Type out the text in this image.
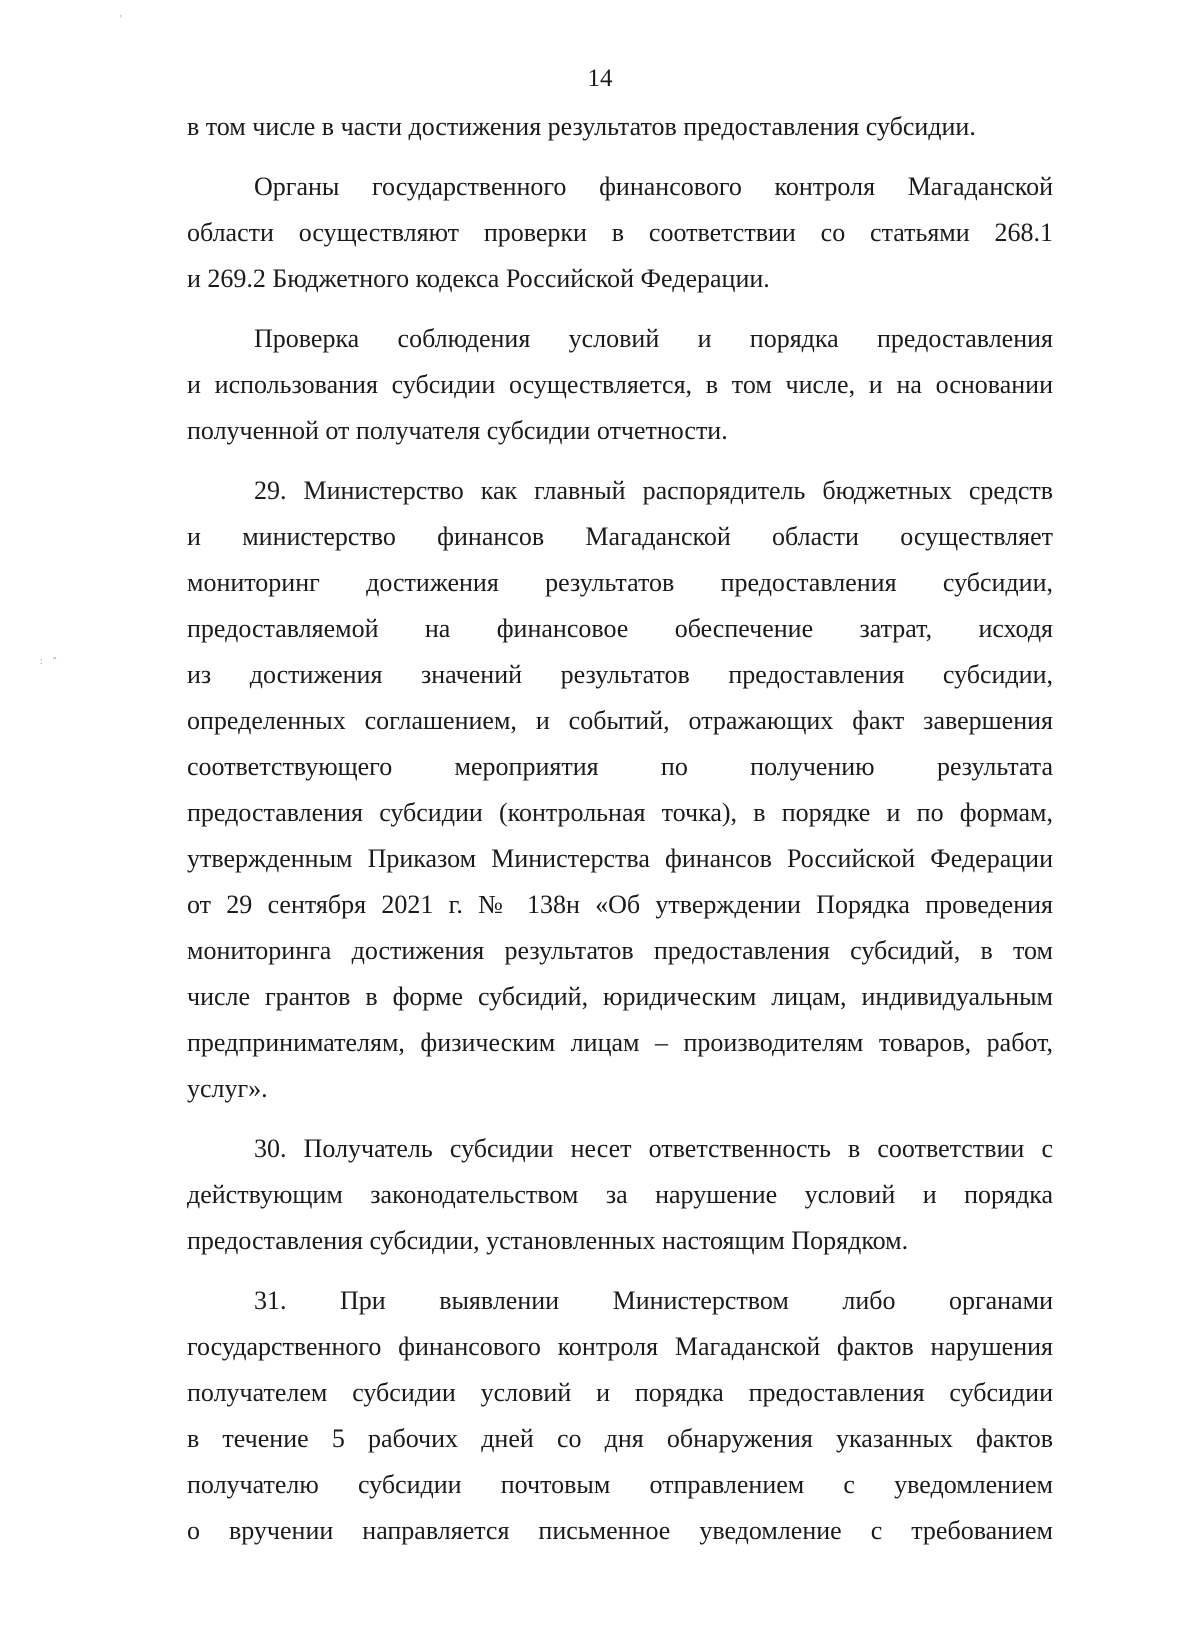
14
в том числе в части достижения результатов предоставления субсидии.
Органы государственного финансового контроля Магаданской
области осуществляют проверки в соответствии со статьями 268.1
и 269.2 Бюджетного кодекса Российской Федерации.
Проверка соблюдения условий и порядка предоставления
и использования субсидии осуществляется, в том числе, и на основании
полученной от получателя субсидии отчетности.
29. Министерство как главный распорядитель бюджетных средств
и министерство финансов Магаданской области осуществляет
мониторинг достижения результатов предоставления субсидии,
предоставляемой на финансовое обеспечение затрат, исходя
из достижения значений результатов предоставления субсидии,
определенных соглашением, и событий, отражающих факт завершения
соответствующего мероприятия по получению результата
предоставления субсидии (контрольная точка), в порядке и по формам,
утвержденным Приказом Министерства финансов Российской Федерации
от 29 сентября 2021 г. № 138н «Об утверждении Порядка проведения
мониторинга достижения результатов предоставления субсидий, в том
числе грантов в форме субсидий, юридическим лицам, индивидуальным
предпринимателям, физическим лицам – производителям товаров, работ,
услуг».
30. Получатель субсидии несет ответственность в соответствии с
действующим законодательством за нарушение условий и порядка
предоставления субсидии, установленных настоящим Порядком.
31. При выявлении Министерством либо органами
государственного финансового контроля Магаданской фактов нарушения
получателем субсидии условий и порядка предоставления субсидии
в течение 5 рабочих дней со дня обнаружения указанных фактов
получателю субсидии почтовым отправлением с уведомлением
о вручении направляется письменное уведомление с требованием
'
:    "
